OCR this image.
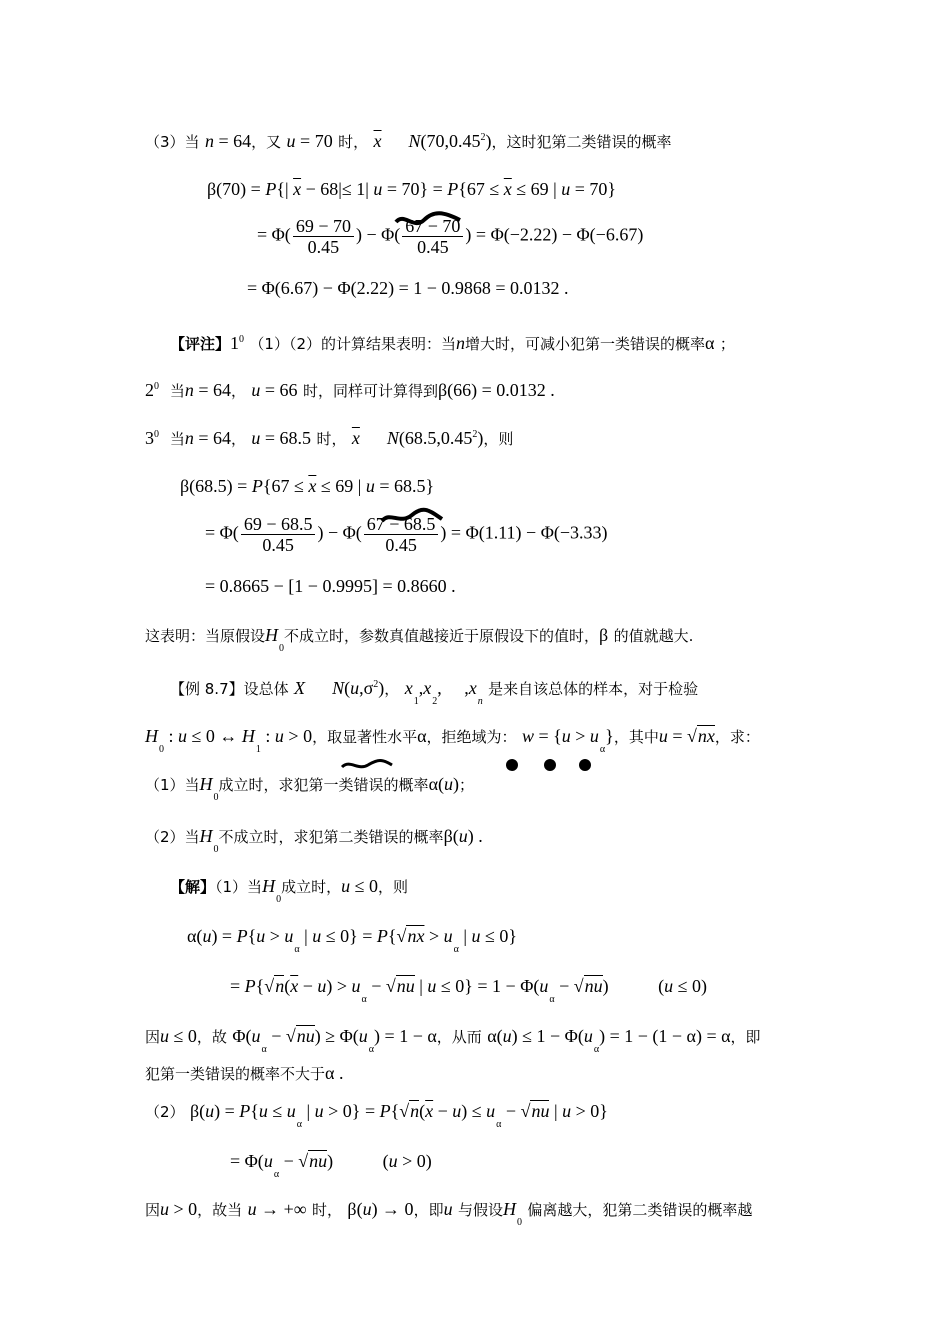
（3）当 n = 64，又 u = 70 时， $\overline{x}$ N(70,0.45$^2$)，这时犯第二类错误的概率
β(70) = P{| $\overline{x} - 68|\le 1|$ $u = 70\} = P\{67 \le \overline{x} \le 69$ | u = 70}
= $\Phi( \frac{69 - 70}{0.45}$ ) − $\Phi( \frac{67 - 70}{0.45}$ ) = Φ(−2.22) − Φ(−6.67)
= Φ(6.67) − Φ(2.22) = 1 − 0.9868 = 0.0132 .
【评注】$1^0$ （1）（2）的计算结果表明：当n增大时，可减小犯第一类错误的概率α ；
$2^0$ 当n = 64， u = 66 时，同样可计算得到β(66) = 0.0132 .
$3^0$ 当n = 64， u = 68.5 时， $\overline{x}$ N(68.5,0.45$^2$)，则
$\beta(68.5) = P\{67 \le \overline{x} \le 69$ | u = 68.5}
= $\Phi( \frac{69 - 68.5}{0.45}$ ) − $\Phi( \frac{67 - 68.5}{0.45}$ ) = Φ(1.11) − Φ(−3.33)
= 0.8665 − [1 − 0.9995] = 0.8660 .
这表明：当原假设$H_0$不成立时，参数真值越接近于原假设下的值时，β 的值就越大.
【例 8.7】设总体 X $N(u,\sigma^2)$， $x_1,x_2$,     $,x_n$ 是来自该总体的样本，对于检验
$H_0$ : u ≤ 0 ↔ $H_1$ : u > 0，取显著性水平α，拒绝域为： $w = \{u > u_\alpha\}$，其中$u = √n\overline{x}$，求：
（1）当$H_0$成立时，求犯第一类错误的概率α(u)；
（2）当$H_0$不成立时，求犯第二类错误的概率β(u) .
【解】（1）当$H_0$成立时，u ≤ 0，则
$\alpha(u) = P\{u > u_\alpha$ | $u \le 0\} = P\{√n\overline{x} > u_\alpha$ | u ≤ 0}
= $P\{√n(\overline{x} - u) > u_\alpha - √nu$ | $u \le 0\} = 1 - \Phi(u_\alpha - √nu)$           (u ≤ 0)
因u ≤ 0，故 $\Phi(u_\alpha - √nu) \ge \Phi(u_\alpha) = 1 - \alpha$，从而 $\alpha(u) \le 1 - \Phi(u_\alpha) = 1 - (1 - \alpha) = \alpha$，即
犯第一类错误的概率不大于α .
（2） $\beta(u) = P\{u \le u_\alpha$ | $u > 0\} = P\{√n(\overline{x} - u) \le u_\alpha - √nu$ | u > 0}
= $\Phi(u_\alpha - √nu)$           (u > 0)
因u > 0，故当 u → +∞ 时， β(u) → 0，即u 与假设$H_0$ 偏离越大，犯第二类错误的概率越
